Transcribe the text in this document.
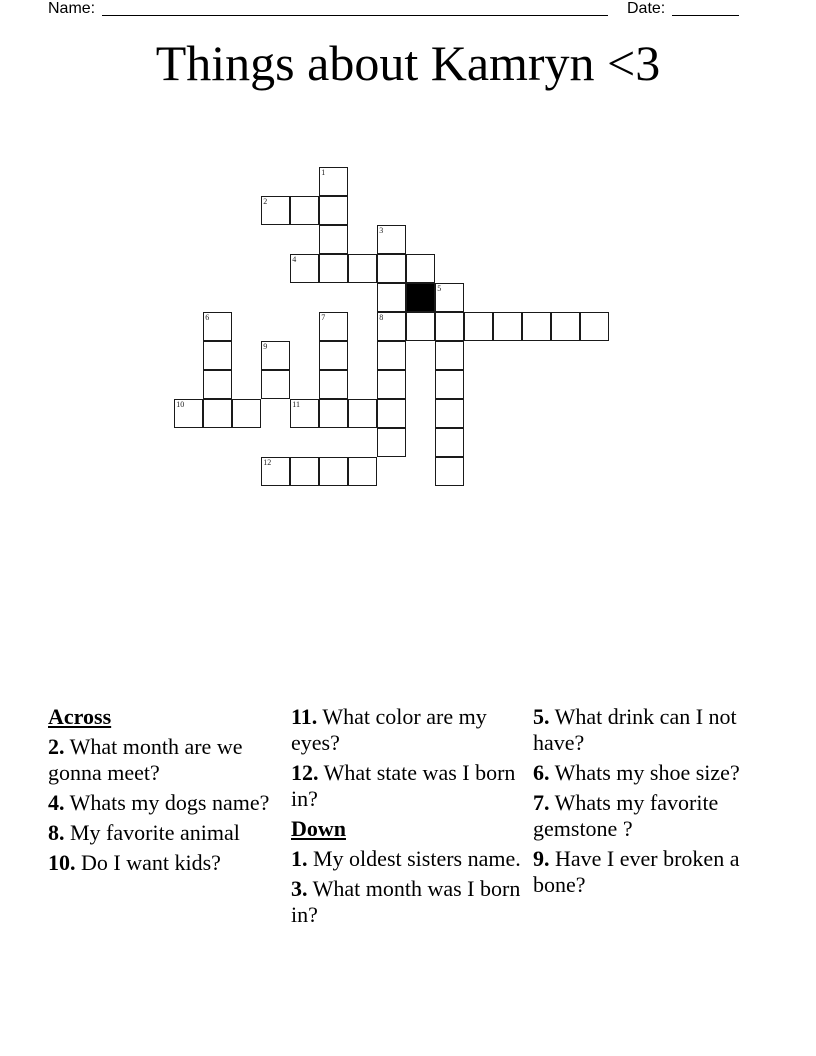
Name:	Date:
Things about Kamryn <3
1
2
3
8
4
5
6	7
9
10	11
12
Across
2. What month are we gonna meet?
4. Whats my dogs name?
8. My favorite animal
10. Do I want kids?
11. What color are my eyes?
12. What state was I born in?
Down
1. My oldest sisters name.
3. What month was I born in?
5. What drink can I not have?
6. Whats my shoe size?
7. Whats my favorite gemstone ?
9. Have I ever broken a bone?
